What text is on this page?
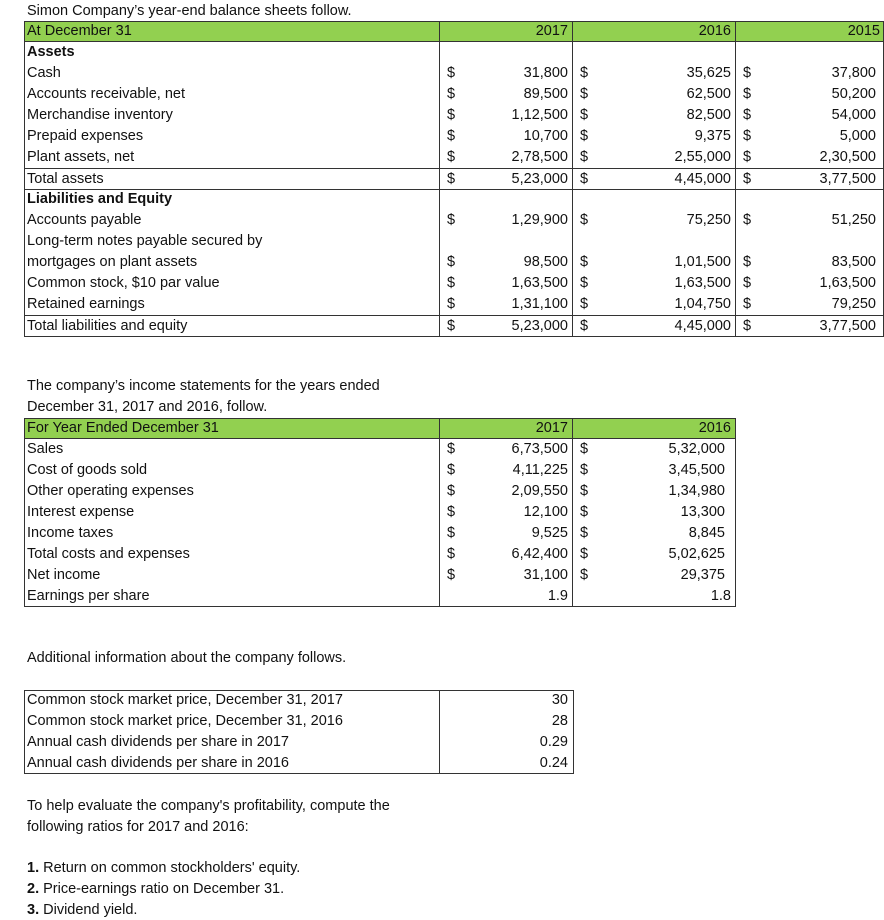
Simon Company’s year-end balance sheets follow.
At December 31	2017	2016	2015
Assets
Cash	$	31,800 $	35,625 $	37,800
Accounts receivable, net	$	89,500 $	62,500 $	50,200
Merchandise inventory	$	1,12,500 $	82,500 $	54,000
Prepaid expenses	$	10,700 $	9,375 $	5,000
Plant assets, net	$	2,78,500 $	2,55,000 $	2,30,500
Total assets	$	5,23,000 $	4,45,000 $	3,77,500
Liabilities and Equity
Accounts payable	$	1,29,900 $	75,250 $	51,250
Long-term notes payable secured by
mortgages on plant assets	$	98,500 $	1,01,500 $	83,500
Common stock, $10 par value	$	1,63,500 $	1,63,500 $	1,63,500
Retained earnings	$	1,31,100 $	1,04,750 $	79,250
Total liabilities and equity	$	5,23,000 $	4,45,000 $	3,77,500
The company’s income statements for the years ended
December 31, 2017 and 2016, follow.
For Year Ended December 31	2017	2016
Sales	$	6,73,500 $	5,32,000
Cost of goods sold	$	4,11,225 $	3,45,500
Other operating expenses	$	2,09,550 $	1,34,980
Interest expense	$	12,100 $	13,300
Income taxes	$	9,525 $	8,845
Total costs and expenses	$	6,42,400 $	5,02,625
Net income	$	31,100 $	29,375
Earnings per share	1.9	1.8
Additional information about the company follows.
Common stock market price, December 31, 2017	30
Common stock market price, December 31, 2016	28
Annual cash dividends per share in 2017	0.29
Annual cash dividends per share in 2016	0.24
To help evaluate the company's profitability, compute the
following ratios for 2017 and 2016:
1. Return on common stockholders' equity.
2. Price-earnings ratio on December 31.
3. Dividend yield.
